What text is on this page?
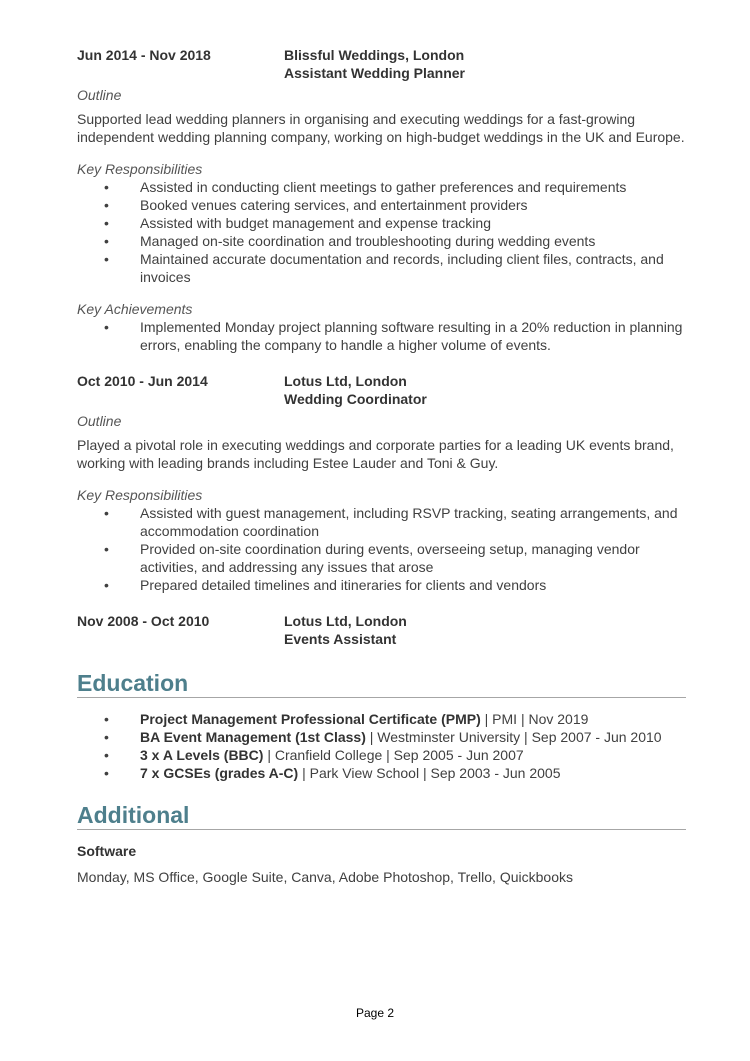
Jun 2014 - Nov 2018	Blissful Weddings, London
Assistant Wedding Planner
Outline
Supported lead wedding planners in organising and executing weddings for a fast-growing independent wedding planning company, working on high-budget weddings in the UK and Europe.
Key Responsibilities
• Assisted in conducting client meetings to gather preferences and requirements
• Booked venues catering services, and entertainment providers
• Assisted with budget management and expense tracking
• Managed on-site coordination and troubleshooting during wedding events
• Maintained accurate documentation and records, including client files, contracts, and invoices
Key Achievements
• Implemented Monday project planning software resulting in a 20% reduction in planning errors, enabling the company to handle a higher volume of events.
Oct 2010 - Jun 2014	Lotus Ltd, London
Wedding Coordinator
Outline
Played a pivotal role in executing weddings and corporate parties for a leading UK events brand, working with leading brands including Estee Lauder and Toni & Guy.
Key Responsibilities
• Assisted with guest management, including RSVP tracking, seating arrangements, and accommodation coordination
• Provided on-site coordination during events, overseeing setup, managing vendor activities, and addressing any issues that arose
• Prepared detailed timelines and itineraries for clients and vendors
Nov 2008 - Oct 2010	Lotus Ltd, London
Events Assistant
Education
• Project Management Professional Certificate (PMP) | PMI | Nov 2019
• BA Event Management (1st Class) | Westminster University | Sep 2007 - Jun 2010
• 3 x A Levels (BBC) | Cranfield College | Sep 2005 - Jun 2007
• 7 x GCSEs (grades A-C) | Park View School | Sep 2003 - Jun 2005
Additional
Software
Monday, MS Office, Google Suite, Canva, Adobe Photoshop, Trello, Quickbooks
Page 2
